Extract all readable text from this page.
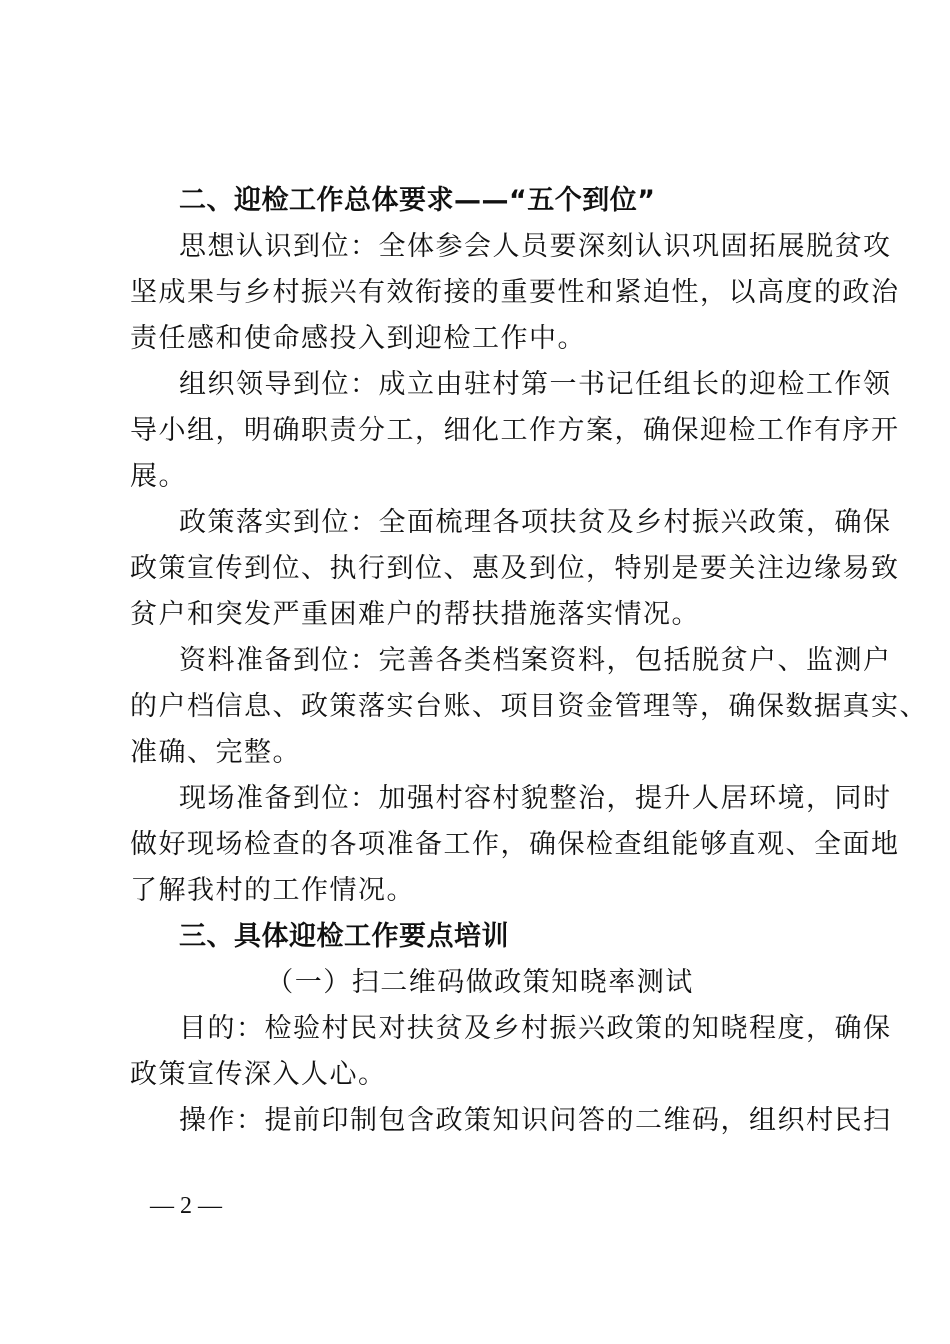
二、迎检工作总体要求——“五个到位”
思想认识到位：全体参会人员要深刻认识巩固拓展脱贫攻
坚成果与乡村振兴有效衔接的重要性和紧迫性，以高度的政治
责任感和使命感投入到迎检工作中。
组织领导到位：成立由驻村第一书记任组长的迎检工作领
导小组，明确职责分工，细化工作方案，确保迎检工作有序开
展。
政策落实到位：全面梳理各项扶贫及乡村振兴政策，确保
政策宣传到位、执行到位、惠及到位，特别是要关注边缘易致
贫户和突发严重困难户的帮扶措施落实情况。
资料准备到位：完善各类档案资料，包括脱贫户、监测户
的户档信息、政策落实台账、项目资金管理等，确保数据真实、
准确、完整。
现场准备到位：加强村容村貌整治，提升人居环境，同时
做好现场检查的各项准备工作，确保检查组能够直观、全面地
了解我村的工作情况。
三、具体迎检工作要点培训
（一）扫二维码做政策知晓率测试
目的：检验村民对扶贫及乡村振兴政策的知晓程度，确保
政策宣传深入人心。
操作：提前印制包含政策知识问答的二维码，组织村民扫
— 2 —
